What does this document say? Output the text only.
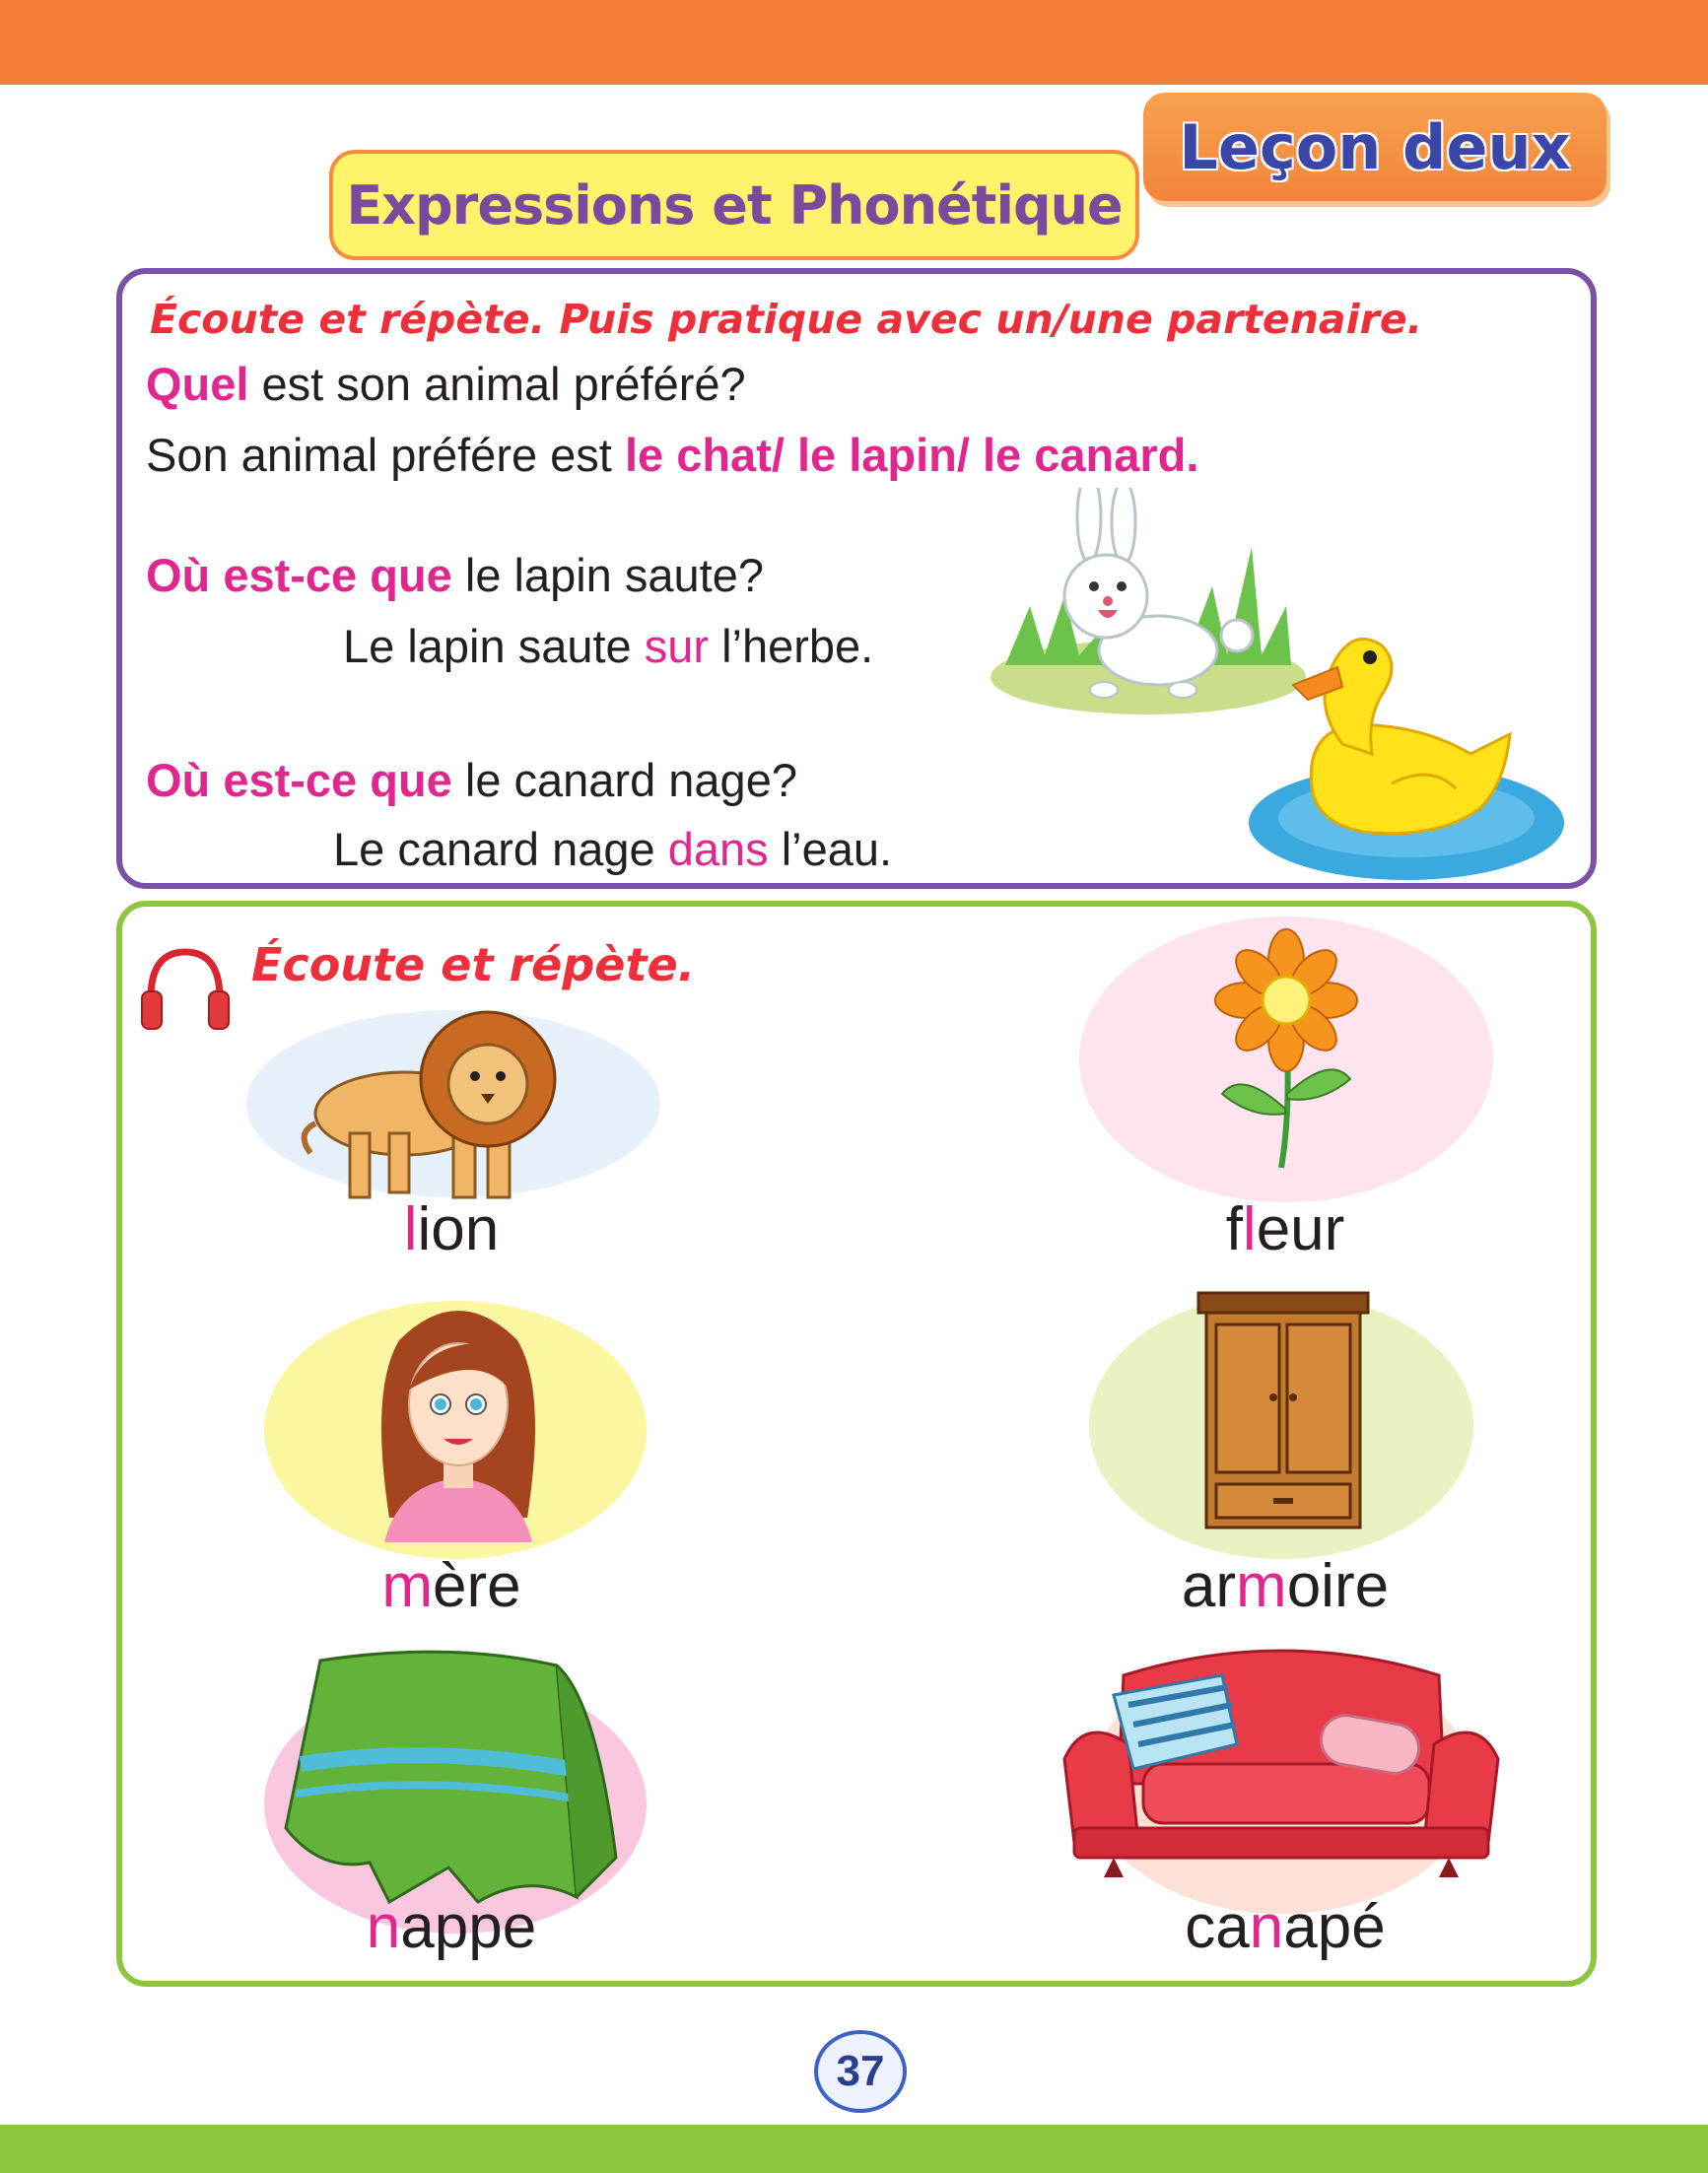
Leçon deux
Expressions et Phonétique
Écoute et répète. Puis pratique avec un/une partenaire.
Quel est son animal préféré?
Son animal préfére est le chat/ le lapin/ le canard.
Où est-ce que le lapin saute?
Le lapin saute sur l’herbe.
Où est-ce que le canard nage?
Le canard nage dans l’eau.
Écoute et répète.
lion	fleur
mère	armoire
nappe	canapé
37
